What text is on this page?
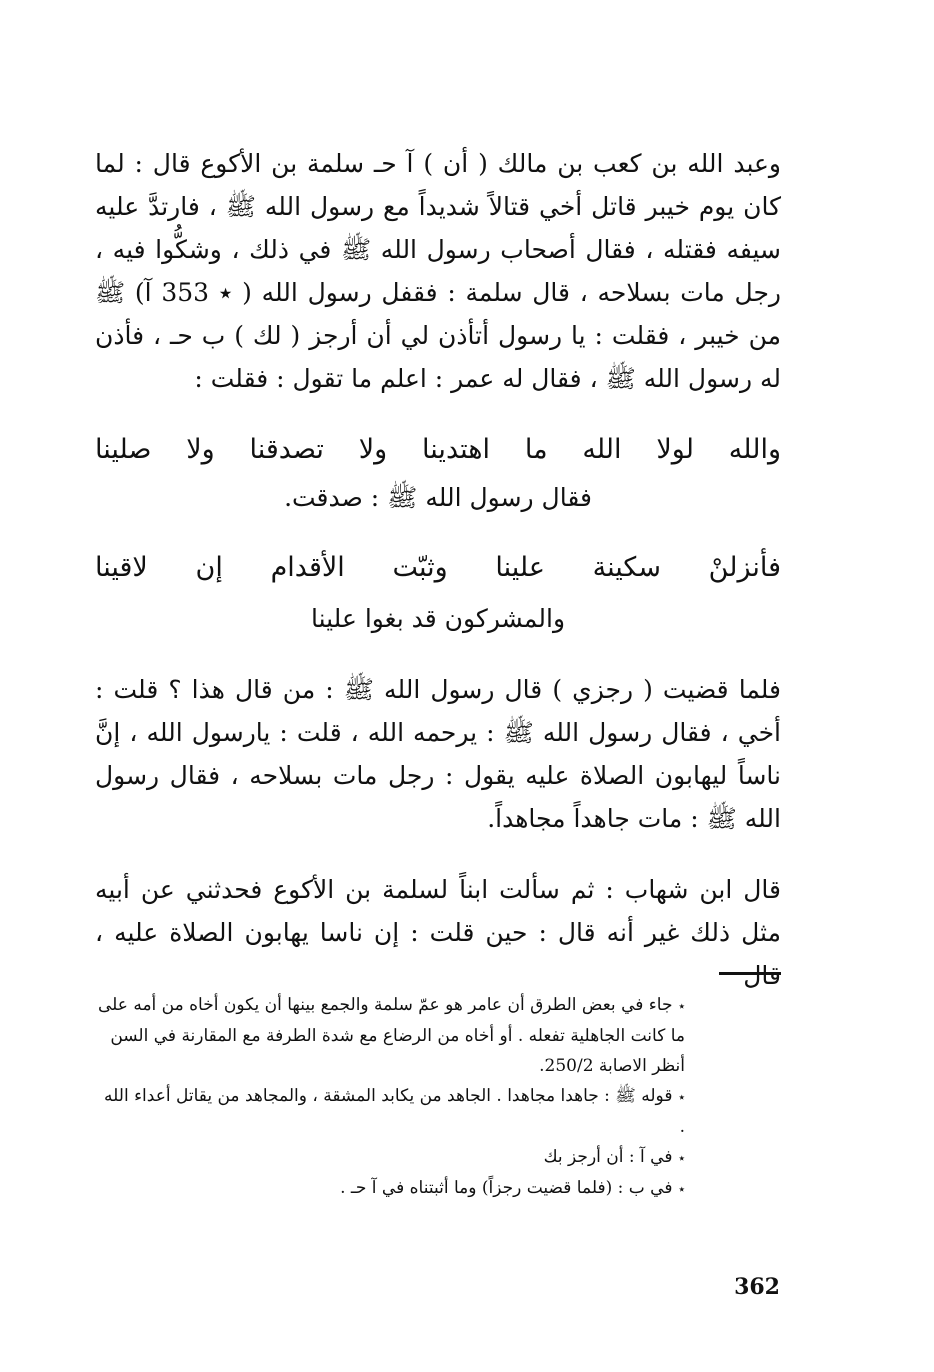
وعبد الله بن كعب بن مالك ( أن ) آ حـ سلمة بن الأكوع قال : لما كان يوم خيبر قاتل أخي قتالاً شديداً مع رسول الله ﷺ ، فارتدَّ عليه سيفه فقتله ، فقال أصحاب رسول الله ﷺ في ذلك ، وشكُّوا فيه ، رجل مات بسلاحه ، قال سلمة : فقفل رسول الله ( ٭ 353 آ) ﷺ من خيبر ، فقلت : يا رسول أتأذن لي أن أرجز ( لك ) ب حـ ، فأذن له رسول الله ﷺ ، فقال له عمر : اعلم ما تقول : فقلت :

والله لولا الله ما اهتدينا ولا تصدقنا ولا صلينا
فقال رسول الله ﷺ : صدقت.
فأنزلنْ سكينة علينا وثبّت الأقدام إن لاقينا
والمشركون قد بغوا علينا

فلما قضيت ( رجزي ) قال رسول الله ﷺ : من قال هذا ؟ قلت : أخي ، فقال رسول الله ﷺ : يرحمه الله ، قلت : يارسول الله ، إنَّ ناساً ليهابون الصلاة عليه يقول : رجل مات بسلاحه ، فقال رسول الله ﷺ : مات جاهداً مجاهداً.

قال ابن شهاب : ثم سألت ابناً لسلمة بن الأكوع فحدثني عن أبيه مثل ذلك غير أنه قال : حين قلت : إن ناسا يهابون الصلاة عليه ، قال

٭جاء في بعض الطرق أن عامر هو عمّ سلمة والجمع بينها أن يكون أخاه من أمه على ما كانت الجاهلية تفعله . أو أخاه من الرضاع مع شدة الطرفة مع المقارنة في السن أنظر الاصابة 250/2.

٭قوله ﷺ : جاهدا مجاهدا . الجاهد من يكابد المشقة ، والمجاهد من يقاتل أعداء الله .

٭في آ : أن أرجز بك

٭في ب : (فلما قضيت رجزاً) وما أثبتناه في آ حـ .

362
